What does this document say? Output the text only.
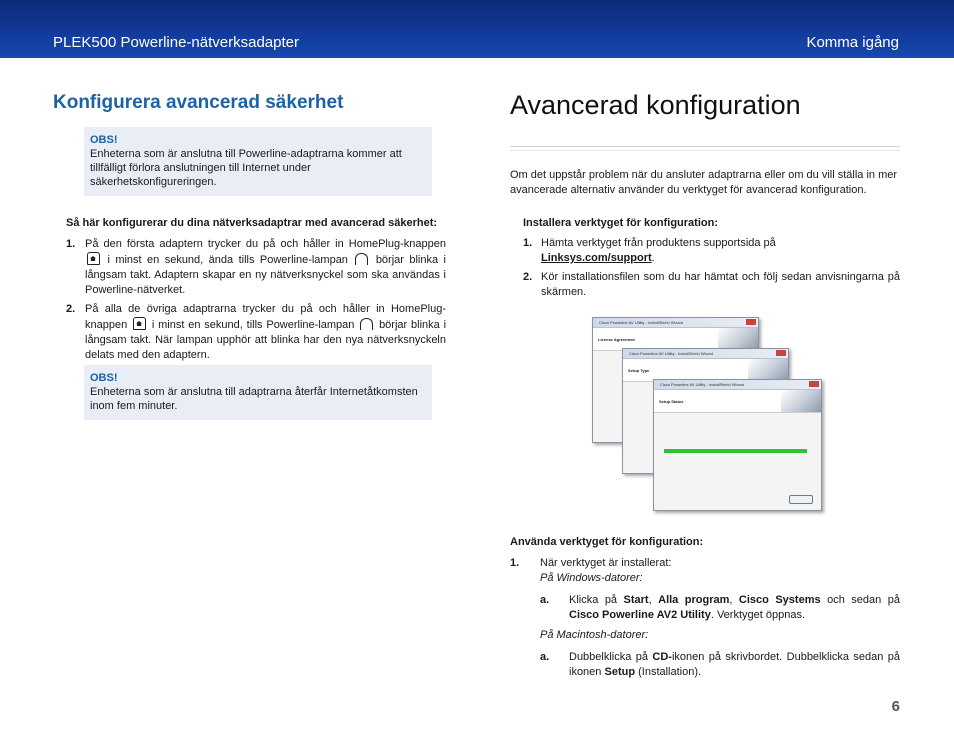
PLEK500 Powerline-nätverksadapter	Komma igång
Konfigurera avancerad säkerhet
OBS!
Enheterna som är anslutna till Powerline-adaptrarna kommer att tillfälligt förlora anslutningen till Internet under säkerhetskonfigureringen.
Så här konfigurerar du dina nätverksadaptrar med avancerad säkerhet:
1. På den första adaptern trycker du på och håller in HomePlug-knappen  i minst en sekund, ända tills Powerline-lampan	börjar blinka i långsam takt. Adaptern skapar en ny nätverksnyckel som ska användas i Powerline-nätverket.
2. På alla de övriga adaptrarna trycker du på och håller in HomePlug-knappen i minst en sekund, tills Powerline-lampan börjar blinka i långsam takt. När lampan upphör att blinka har den nya nätverksnyckeln delats med den adaptern.
OBS!
Enheterna som är anslutna till adaptrarna återfår Internetåtkomsten inom fem minuter.
Avancerad konfiguration
Om det uppstår problem när du ansluter adaptrarna eller om du vill ställa in mer avancerade alternativ använder du verktyget för avancerad konfiguration.
Installera verktyget för konfiguration:
1. Hämta verktyget från produktens supportsida på
Linksys.com/support.
2. Kör installationsfilen som du har hämtat och följ sedan anvisningarna på skärmen.
Cisco Powerline AV Utility - InstallShield Wizard
License Agreement
Cisco Powerline AV Utility - InstallShield Wizard
Setup Type
Cisco Powerline AV Utility - InstallShield Wizard
Setup Status
Använda verktyget för konfiguration:
1. När verktyget är installerat:
På Windows-datorer:
a. Klicka på Start, Alla program, Cisco Systems och sedan på Cisco Powerline AV2 Utility. Verktyget öppnas.
På Macintosh-datorer:
a. Dubbelklicka på CD-ikonen på skrivbordet. Dubbelklicka sedan på ikonen Setup (Installation).
6
